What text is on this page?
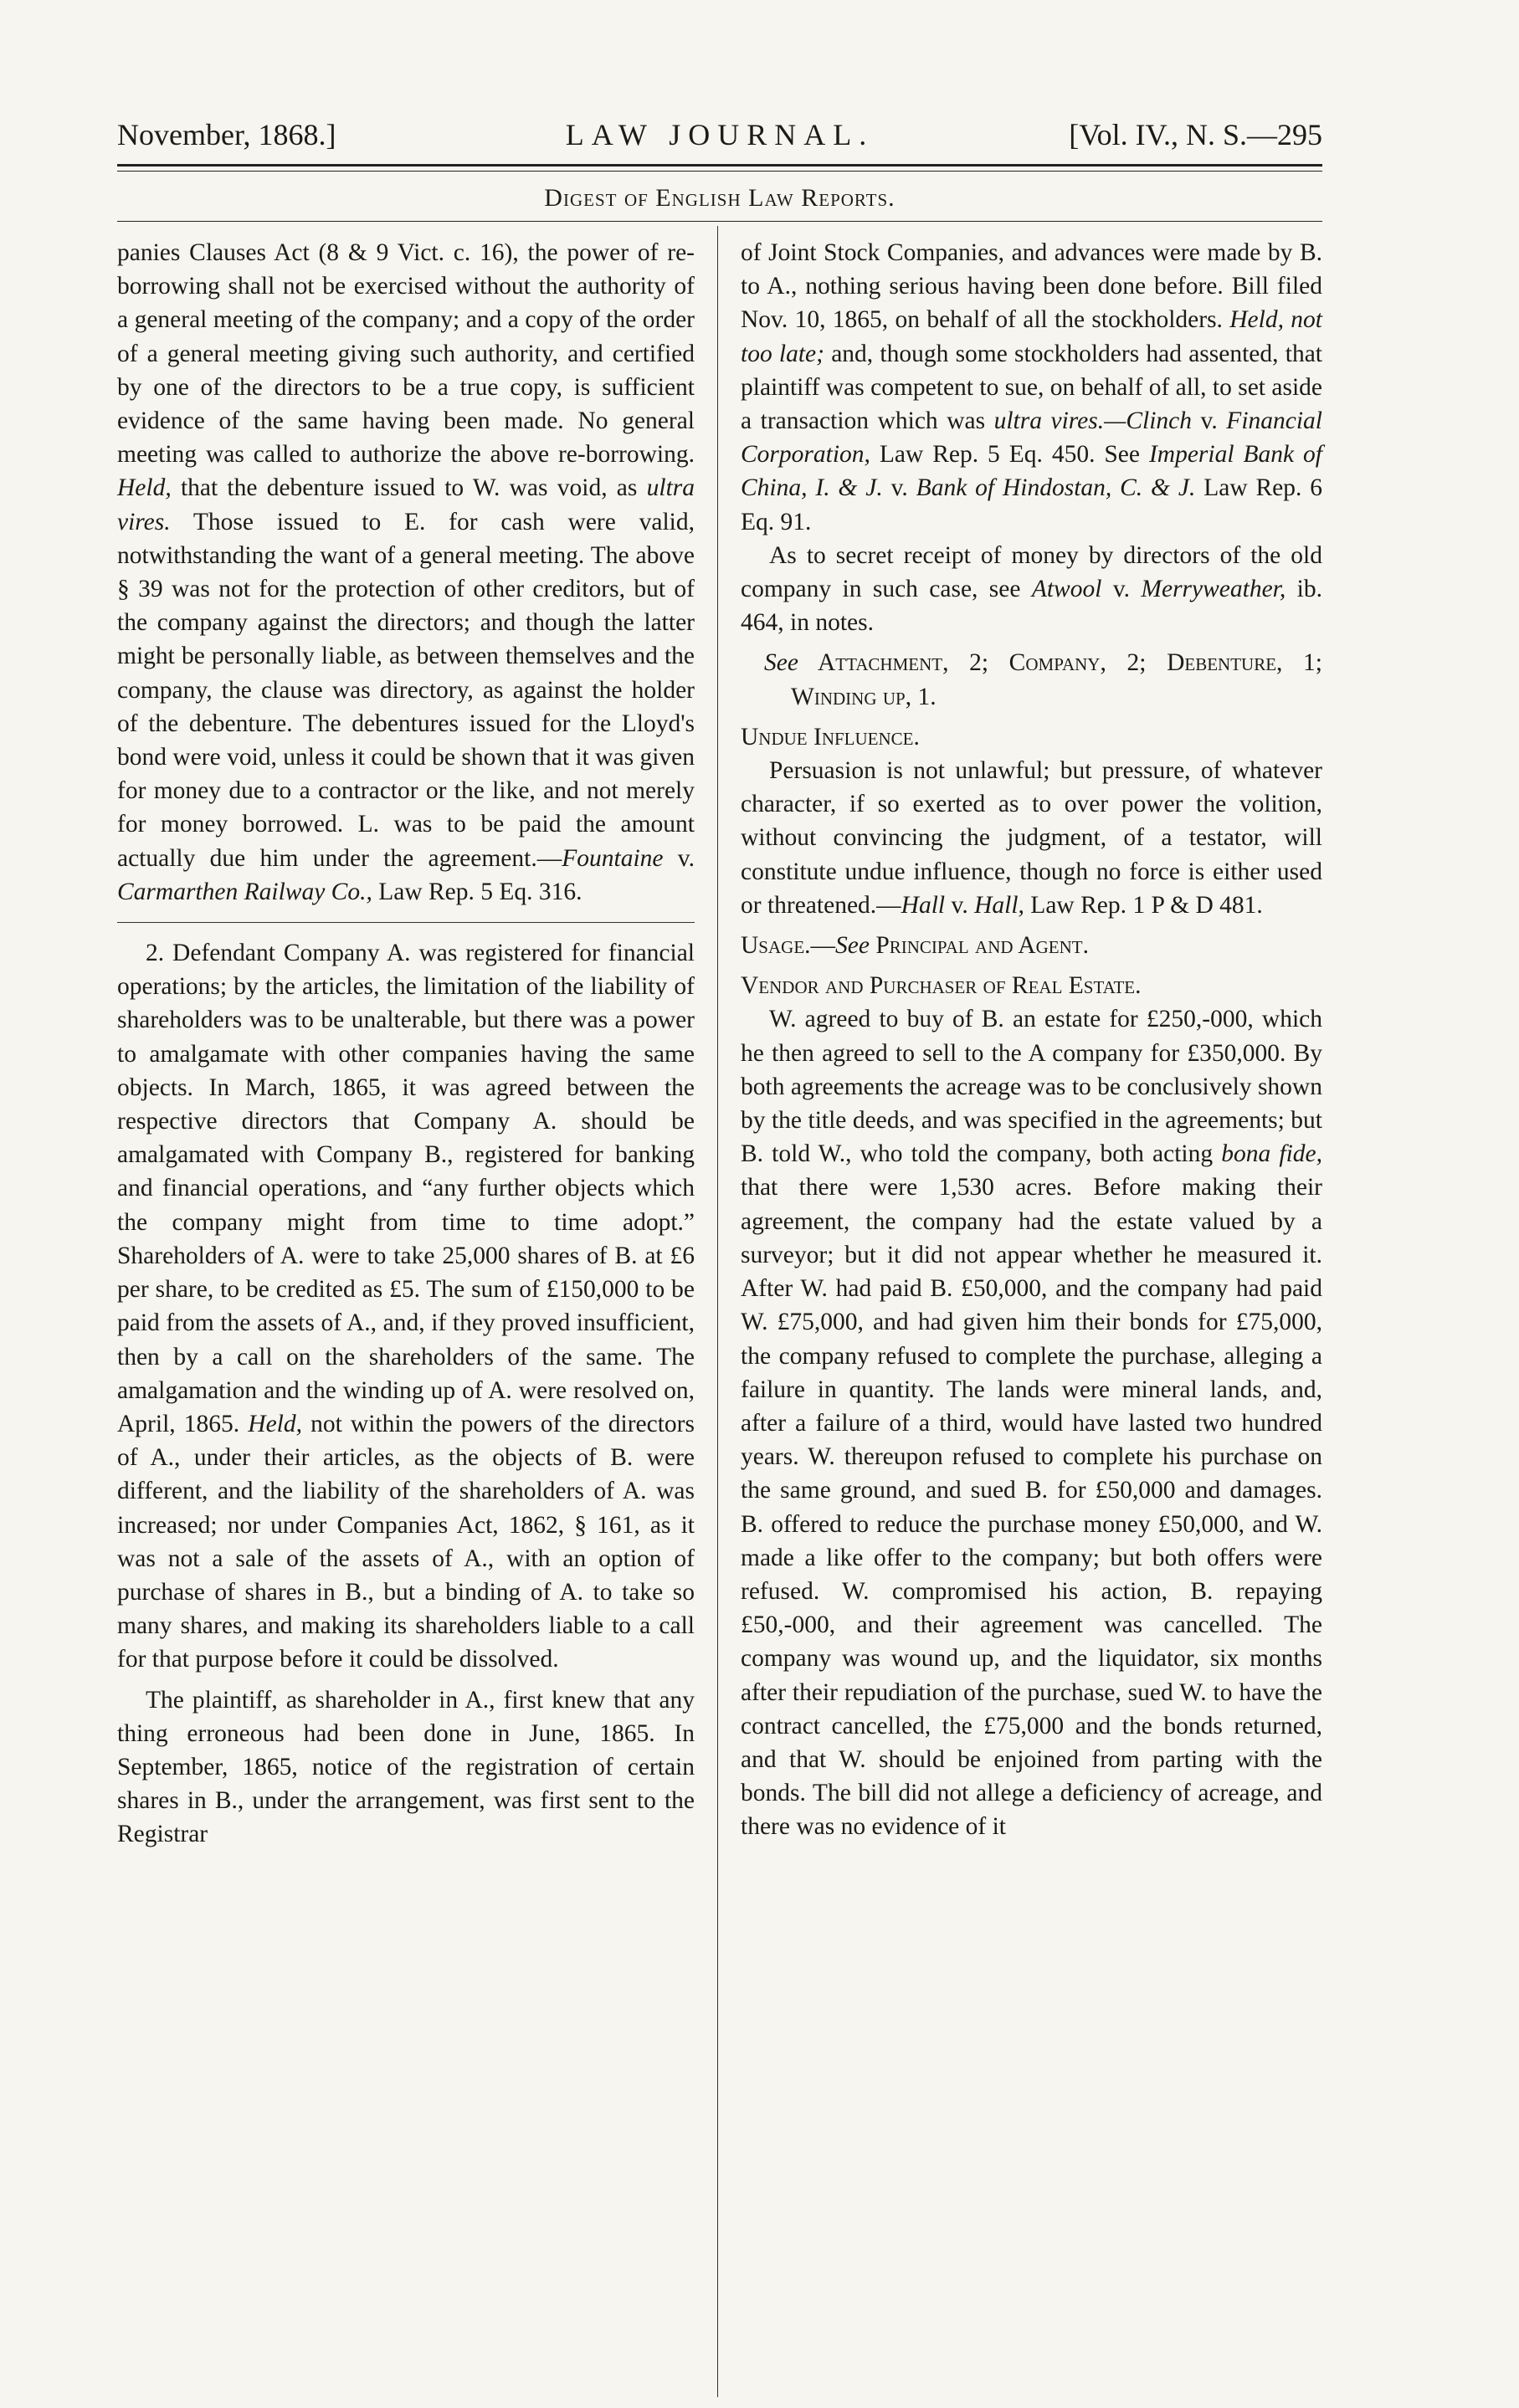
November, 1868.]	LAW JOURNAL.	[Vol. IV., N. S.—295
Digest of English Law Reports.

panies Clauses Act (8 & 9 Vict. c. 16), the power of re-borrowing shall not be exercised without the authority of a general meeting of the company; and a copy of the order of a general meeting giving such authority, and certified by one of the directors to be a true copy, is sufficient evidence of the same having been made. No general meeting was called to authorize the above re-borrowing. Held, that the debenture issued to W. was void, as ultra vires. Those issued to E. for cash were valid, notwithstanding the want of a general meeting. The above § 39 was not for the protection of other creditors, but of the company against the directors; and though the latter might be personally liable, as between themselves and the company, the clause was directory, as against the holder of the debenture. The debentures issued for the Lloyd's bond were void, unless it could be shown that it was given for money due to a contractor or the like, and not merely for money borrowed. L. was to be paid the amount actually due him under the agreement.—Fountaine v. Carmarthen Railway Co., Law Rep. 5 Eq. 316.

2. Defendant Company A. was registered for financial operations; by the articles, the limitation of the liability of shareholders was to be unalterable, but there was a power to amalgamate with other companies having the same objects. In March, 1865, it was agreed between the respective directors that Company A. should be amalgamated with Company B., registered for banking and financial operations, and “any further objects which the company might from time to time adopt.” Shareholders of A. were to take 25,000 shares of B. at £6 per share, to be credited as £5. The sum of £150,000 to be paid from the assets of A., and, if they proved insufficient, then by a call on the shareholders of the same. The amalgamation and the winding up of A. were resolved on, April, 1865. Held, not within the powers of the directors of A., under their articles, as the objects of B. were different, and the liability of the shareholders of A. was increased; nor under Companies Act, 1862, § 161, as it was not a sale of the assets of A., with an option of purchase of shares in B., but a binding of A. to take so many shares, and making its shareholders liable to a call for that purpose before it could be dissolved.

The plaintiff, as shareholder in A., first knew that any thing erroneous had been done in June, 1865. In September, 1865, notice of the registration of certain shares in B., under the arrangement, was first sent to the Registrar

of Joint Stock Companies, and advances were made by B. to A., nothing serious having been done before. Bill filed Nov. 10, 1865, on behalf of all the stockholders. Held, not too late; and, though some stockholders had assented, that plaintiff was competent to sue, on behalf of all, to set aside a transaction which was ultra vires.—Clinch v. Financial Corporation, Law Rep. 5 Eq. 450. See Imperial Bank of China, I. & J. v. Bank of Hindostan, C. & J. Law Rep. 6 Eq. 91.

As to secret receipt of money by directors of the old company in such case, see Atwool v. Merryweather, ib. 464, in notes.

See Attachment, 2; Company, 2; Debenture, 1; Winding up, 1.

Undue Influence.

Persuasion is not unlawful; but pressure, of whatever character, if so exerted as to over power the volition, without convincing the judgment, of a testator, will constitute undue influence, though no force is either used or threatened.—Hall v. Hall, Law Rep. 1 P & D 481.

Usage.—See Principal and Agent.

Vendor and Purchaser of Real Estate.

W. agreed to buy of B. an estate for £250,-000, which he then agreed to sell to the A company for £350,000. By both agreements the acreage was to be conclusively shown by the title deeds, and was specified in the agreements; but B. told W., who told the company, both acting bona fide, that there were 1,530 acres. Before making their agreement, the company had the estate valued by a surveyor; but it did not appear whether he measured it. After W. had paid B. £50,000, and the company had paid W. £75,000, and had given him their bonds for £75,000, the company refused to complete the purchase, alleging a failure in quantity. The lands were mineral lands, and, after a failure of a third, would have lasted two hundred years. W. thereupon refused to complete his purchase on the same ground, and sued B. for £50,000 and damages. B. offered to reduce the purchase money £50,000, and W. made a like offer to the company; but both offers were refused. W. compromised his action, B. repaying £50,-000, and their agreement was cancelled. The company was wound up, and the liquidator, six months after their repudiation of the purchase, sued W. to have the contract cancelled, the £75,000 and the bonds returned, and that W. should be enjoined from parting with the bonds. The bill did not allege a deficiency of acreage, and there was no evidence of it
